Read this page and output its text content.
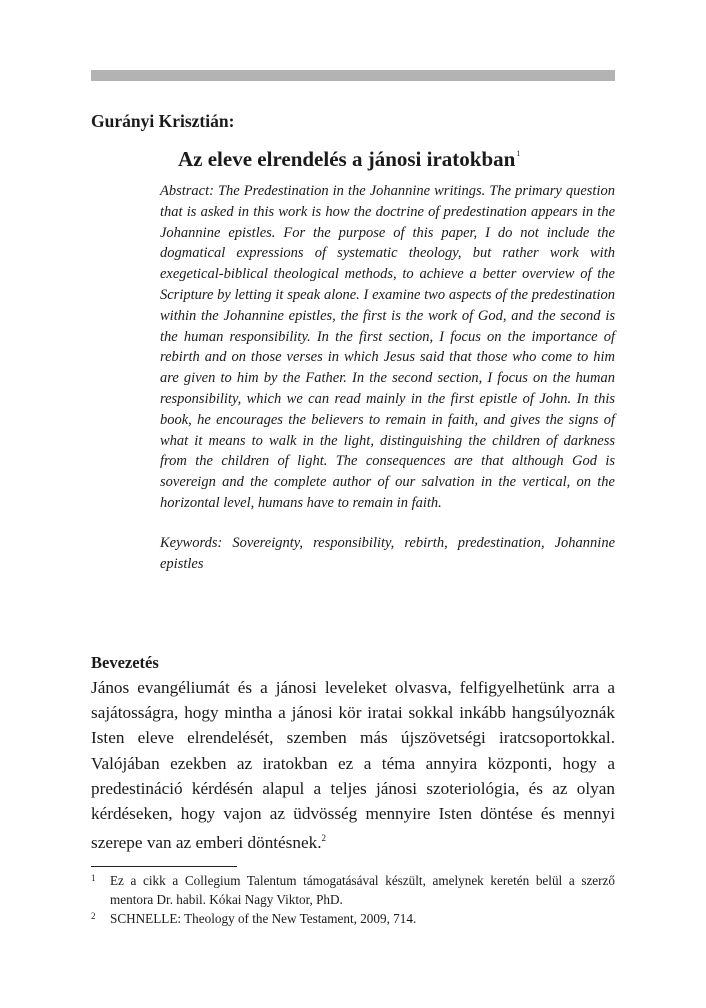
Gurányi Krisztián:
Az eleve elrendelés a jánosi iratokban$^1$

Abstract: The Predestination in the Johannine writings. The primary question that is asked in this work is how the doctrine of predestination appears in the Johannine epistles. For the purpose of this paper, I do not include the dogmatical expressions of systematic theology, but rather work with exegetical-biblical theological methods, to achieve a better overview of the Scripture by letting it speak alone. I examine two aspects of the predestination within the Johannine epistles, the first is the work of God, and the second is the human responsibility. In the first section, I focus on the importance of rebirth and on those verses in which Jesus said that those who come to him are given to him by the Father. In the second section, I focus on the human responsibility, which we can read mainly in the first epistle of John. In this book, he encourages the believers to remain in faith, and gives the signs of what it means to walk in the light, distinguishing the children of darkness from the children of light. The consequences are that although God is sovereign and the complete author of our salvation in the vertical, on the horizontal level, humans have to remain in faith.

Keywords: Sovereignty, responsibility, rebirth, predestination, Johannine epistles

Bevezetés
János evangéliumát és a jánosi leveleket olvasva, felfigyelhetünk arra a sajátosságra, hogy mintha a jánosi kör iratai sokkal inkább hangsúlyoznák Isten eleve elrendelését, szemben más újszövetségi iratcsoportokkal. Valójában ezekben az iratokban ez a téma annyira központi, hogy a predestináció kérdésén alapul a teljes jánosi szoteriológia, és az olyan kérdéseken, hogy vajon az üdvösség mennyire Isten döntése és mennyi szerepe van az emberi döntésnek.$^2$
1 Ez a cikk a Collegium Talentum támogatásával készült, amelynek keretén belül a szerző mentora Dr. habil. Kókai Nagy Viktor, PhD.
2 SCHNELLE: Theology of the New Testament, 2009, 714.
